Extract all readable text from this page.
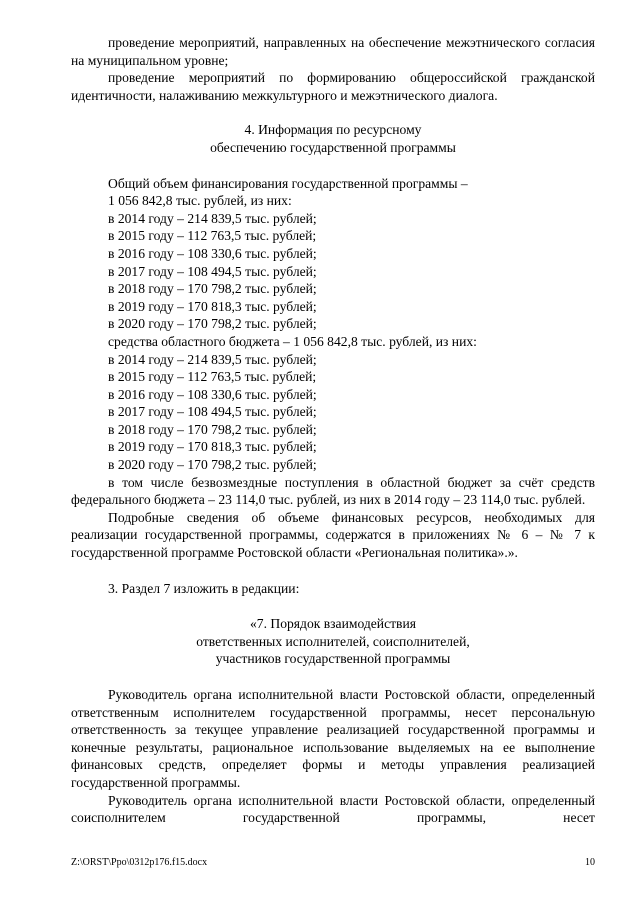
проведение мероприятий, направленных на обеспечение межэтнического согласия на муниципальном уровне;

проведение мероприятий по формированию общероссийской гражданской идентичности, налаживанию межкультурного и межэтнического диалога.

4. Информация по ресурсному

обеспечению государственной программы

Общий объем финансирования государственной программы –

1 056 842,8 тыс. рублей, из них:

в 2014 году – 214 839,5 тыс. рублей;

в 2015 году – 112 763,5 тыс. рублей;

в 2016 году – 108 330,6 тыс. рублей;

в 2017 году – 108 494,5 тыс. рублей;

в 2018 году – 170 798,2 тыс. рублей;

в 2019 году – 170 818,3 тыс. рублей;

в 2020 году – 170 798,2 тыс. рублей;

средства областного бюджета – 1 056 842,8 тыс. рублей, из них:

в 2014 году – 214 839,5 тыс. рублей;

в 2015 году – 112 763,5 тыс. рублей;

в 2016 году – 108 330,6 тыс. рублей;

в 2017 году – 108 494,5 тыс. рублей;

в 2018 году – 170 798,2 тыс. рублей;

в 2019 году – 170 818,3 тыс. рублей;

в 2020 году – 170 798,2 тыс. рублей;

в том числе безвозмездные поступления в областной бюджет за счёт средств федерального бюджета – 23 114,0 тыс. рублей, из них в 2014 году – 23 114,0 тыс. рублей.

Подробные сведения об объеме финансовых ресурсов, необходимых для реализации государственной программы, содержатся в приложениях № 6 – № 7 к государственной программе Ростовской области «Региональная политика».».

3. Раздел 7 изложить в редакции:

«7. Порядок взаимодействия

ответственных исполнителей, соисполнителей,

участников государственной программы

Руководитель органа исполнительной власти Ростовской области, определенный ответственным исполнителем государственной программы, несет персональную ответственность за текущее управление реализацией государственной программы и конечные результаты, рациональное использование выделяемых на ее выполнение финансовых средств, определяет формы и методы управления реализацией государственной программы.

Руководитель органа исполнительной власти Ростовской области, определенный соисполнителем государственной программы, несет

Z:\ORST\Ppo\0312p176.f15.docx	10
